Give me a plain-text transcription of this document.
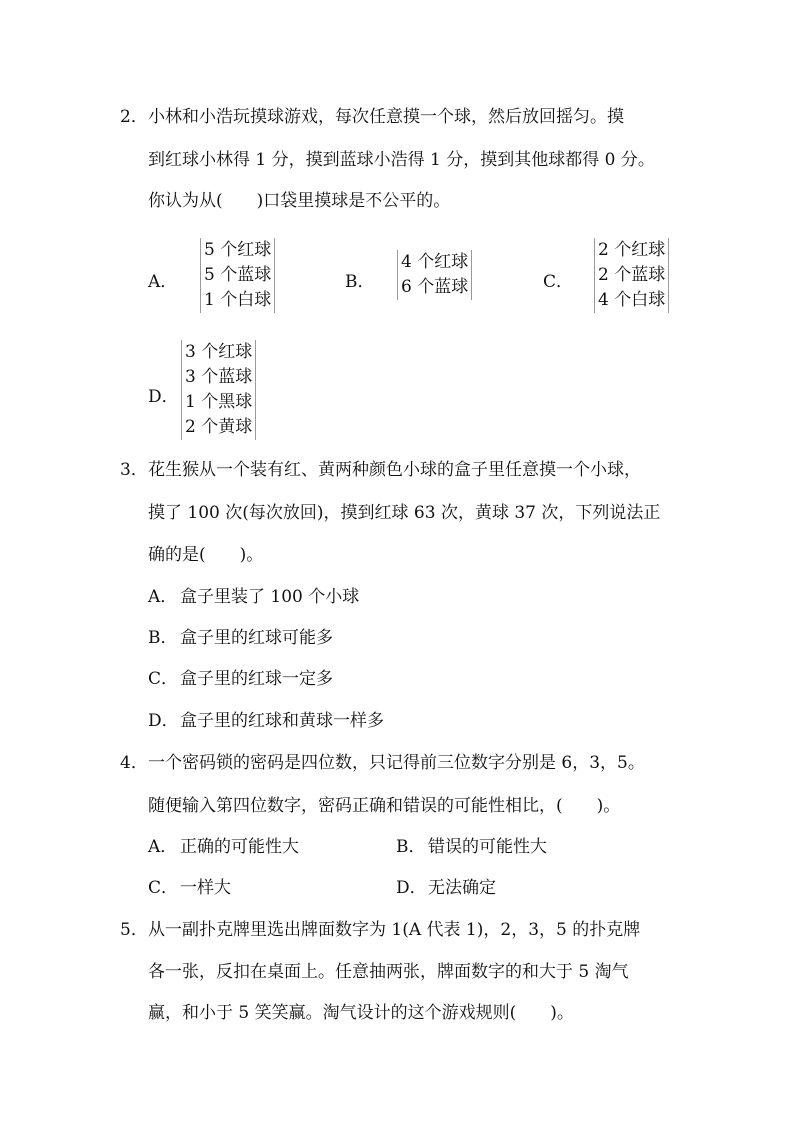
2． 小林和小浩玩摸球游戏，每次任意摸一个球，然后放回摇匀。摸
到红球小林得 1 分，摸到蓝球小浩得 1 分，摸到其他球都得 0 分。
你认为从(　　)口袋里摸球是不公平的。
A．
5 个红球
5 个蓝球
1 个白球
B．
4 个红球
6 个蓝球	C．
2 个红球
2 个蓝球
4 个白球
D．
3 个红球
3 个蓝球
1 个黑球
2 个黄球
3． 花生猴从一个装有红、黄两种颜色小球的盒子里任意摸一个小球，
摸了 100 次(每次放回)，摸到红球 63 次，黄球 37 次，下列说法正
确的是(　　)。
A． 盒子里装了 100 个小球
B． 盒子里的红球可能多
C． 盒子里的红球一定多
D． 盒子里的红球和黄球一样多
4． 一个密码锁的密码是四位数，只记得前三位数字分别是 6，3，5。
随便输入第四位数字，密码正确和错误的可能性相比，(　　)。
A． 正确的可能性大	B． 错误的可能性大
C． 一样大	D． 无法确定
5． 从一副扑克牌里选出牌面数字为 1(A 代表 1)，2，3，5 的扑克牌
各一张，反扣在桌面上。任意抽两张，牌面数字的和大于 5 淘气
赢，和小于 5 笑笑赢。淘气设计的这个游戏规则(　　)。
